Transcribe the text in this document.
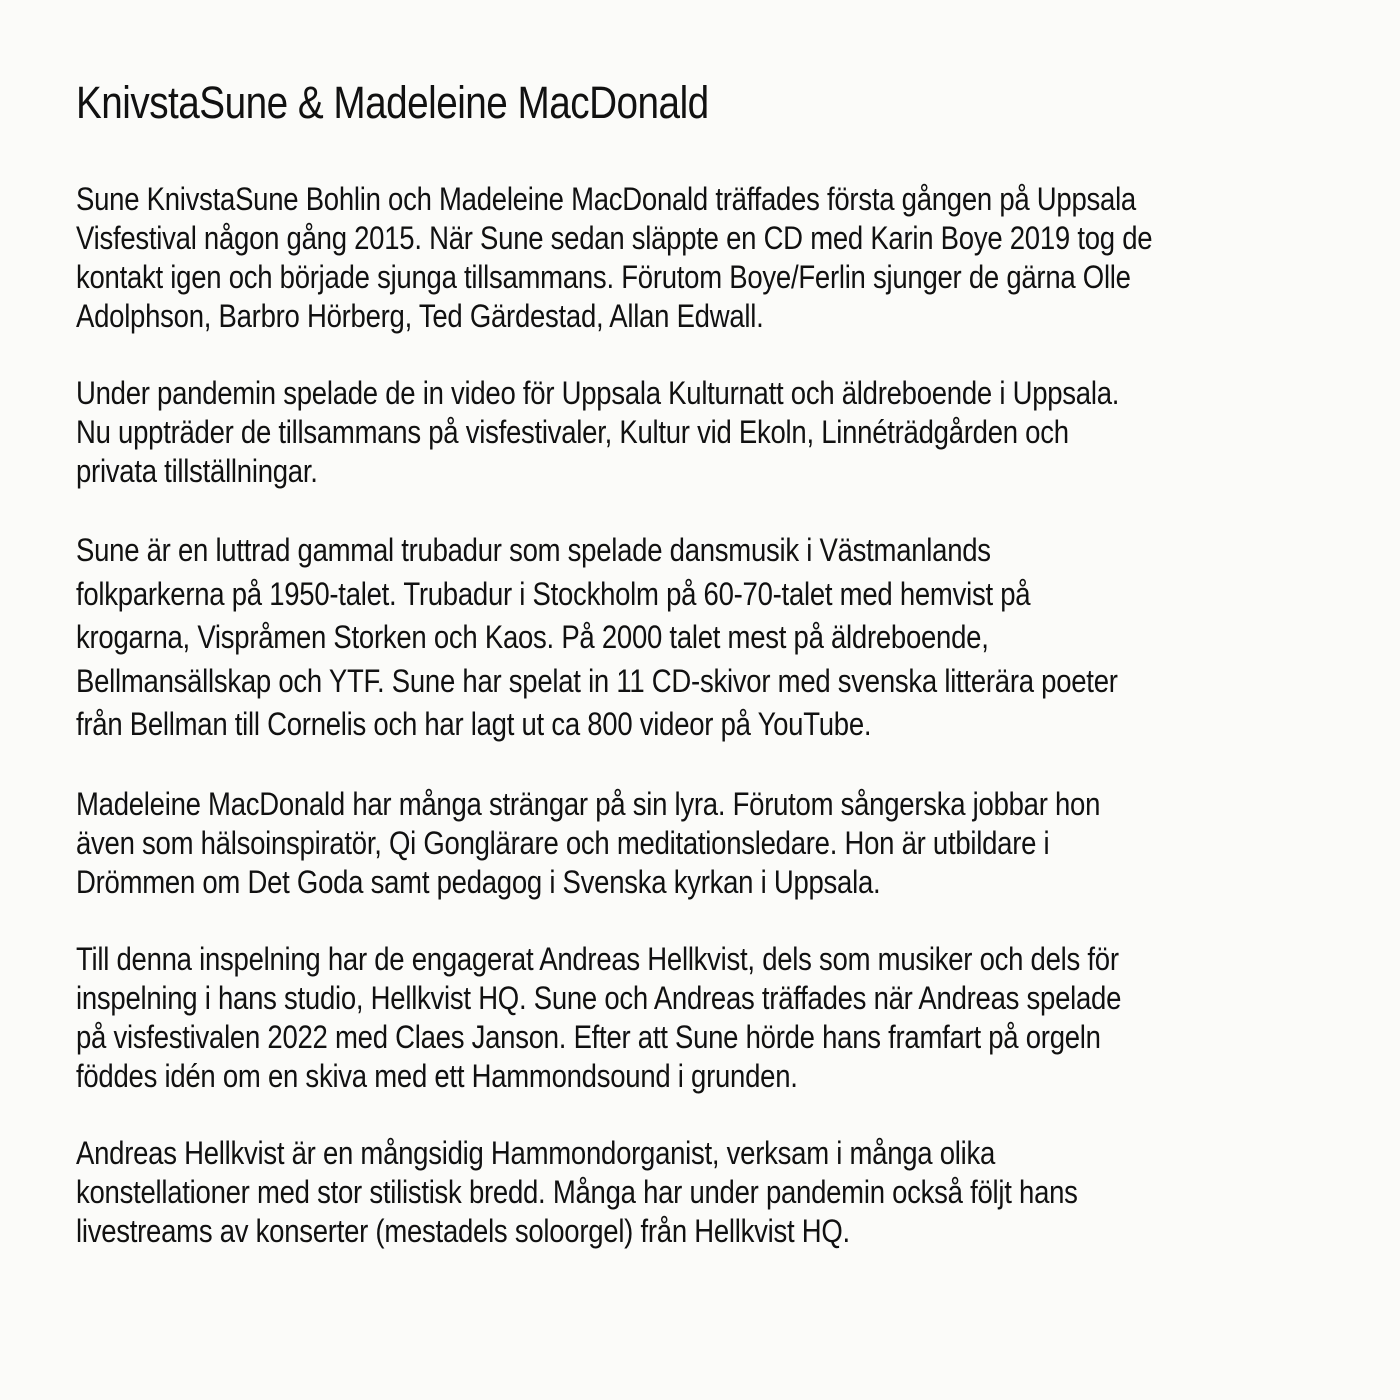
KnivstaSune & Madeleine MacDonald
Sune KnivstaSune Bohlin och Madeleine MacDonald träffades första gången på Uppsala
Visfestival någon gång 2015. När Sune sedan släppte en CD med Karin Boye 2019 tog de
kontakt igen och började sjunga tillsammans. Förutom Boye/Ferlin sjunger de gärna Olle
Adolphson, Barbro Hörberg, Ted Gärdestad, Allan Edwall.
Under pandemin spelade de in video för Uppsala Kulturnatt och äldreboende i Uppsala.
Nu uppträder de tillsammans på visfestivaler, Kultur vid Ekoln, Linnéträdgården och
privata tillställningar.
Sune är en luttrad gammal trubadur som spelade dansmusik i Västmanlands
folkparkerna på 1950-talet. Trubadur i Stockholm på 60-70-talet med hemvist på
krogarna, Vispråmen Storken och Kaos. På 2000 talet mest på äldreboende,
Bellmansällskap och YTF. Sune har spelat in 11 CD-skivor med svenska litterära poeter
från Bellman till Cornelis och har lagt ut ca 800 videor på YouTube.
Madeleine MacDonald har många strängar på sin lyra. Förutom sångerska jobbar hon
även som hälsoinspiratör, Qi Gonglärare och meditationsledare. Hon är utbildare i
Drömmen om Det Goda samt pedagog i Svenska kyrkan i Uppsala.
Till denna inspelning har de engagerat Andreas Hellkvist, dels som musiker och dels för
inspelning i hans studio, Hellkvist HQ. Sune och Andreas träffades när Andreas spelade
på visfestivalen 2022 med Claes Janson. Efter att Sune hörde hans framfart på orgeln
föddes idén om en skiva med ett Hammondsound i grunden.
Andreas Hellkvist är en mångsidig Hammondorganist, verksam i många olika
konstellationer med stor stilistisk bredd. Många har under pandemin också följt hans
livestreams av konserter (mestadels soloorgel) från Hellkvist HQ.
